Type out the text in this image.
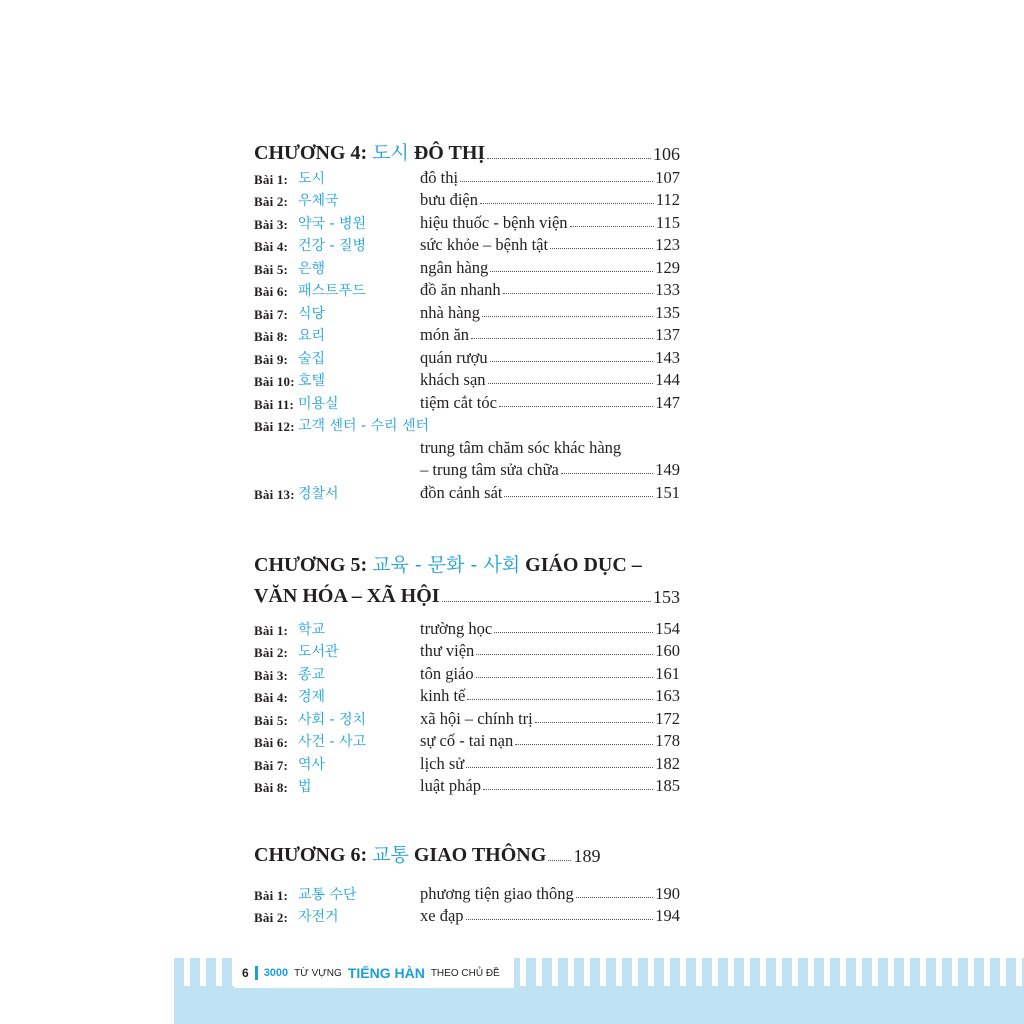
CHƯƠNG 4:
도시
ĐÔ THỊ	106
Bài 1: 도시	đô thị	107
Bài 2: 우체국	bưu điện	112
Bài 3: 약국 - 병원	hiệu thuốc - bệnh viện	115
Bài 4: 건강 - 질병	sức khỏe – bệnh tật	123
Bài 5: 은행	ngân hàng	129
Bài 6: 패스트푸드	đồ ăn nhanh	133
Bài 7: 식당	nhà hàng	135
Bài 8: 요리	món ăn	137
Bài 9: 술집	quán rượu	143
Bài 10: 호텔	khách sạn	144
Bài 11: 미용실	tiệm cắt tóc	147
Bài 12: 고객 센터 - 수리 센터
trung tâm chăm sóc khác hàng
– trung tâm sửa chữa	149
Bài 13: 경찰서	đồn cảnh sát	151
CHƯƠNG 5:
교육 - 문화 - 사회
GIÁO DỤC –
VĂN HÓA – XÃ HỘI	153
Bài 1: 학교	trường học	154
Bài 2: 도서관	thư viện	160
Bài 3: 종교	tôn giáo	161
Bài 4: 경제	kinh tế	163
Bài 5: 사회 - 정치	xã hội – chính trị	172
Bài 6: 사건 - 사고	sự cố - tai nạn	178
Bài 7: 역사	lịch sử	182
Bài 8: 법	luật pháp	185
CHƯƠNG 6:
교통
GIAO THÔNG 189
Bài 1: 교통 수단	phương tiện giao thông	190
Bài 2: 자전거	xe đạp	194
6 3000 TỪ VỰNG TIẾNG HÀN THEO CHỦ ĐỀ
